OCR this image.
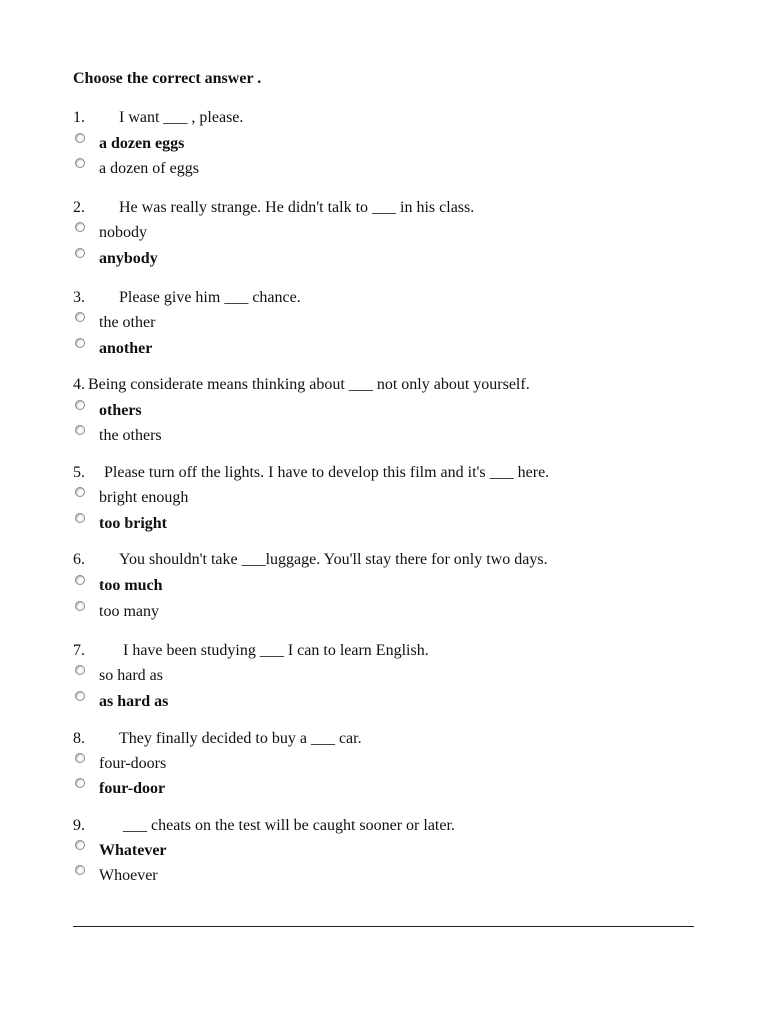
Choose the correct answer .
1. I want ___ , please.
a dozen eggs
a dozen of eggs
2. He was really strange. He didn't talk to ___ in his class.
nobody
anybody
3. Please give him ___ chance.
the other
another
4. Being considerate means thinking about ___ not only about yourself.
others
the others
5. Please turn off the lights. I have to develop this film and it's ___ here.
bright enough
too bright
6. You shouldn't take ___luggage. You'll stay there for only two days.
too much
too many
7. I have been studying ___ I can to learn English.
so hard as
as hard as
8. They finally decided to buy a ___ car.
four-doors
four-door
9. ___ cheats on the test will be caught sooner or later.
Whatever
Whoever
